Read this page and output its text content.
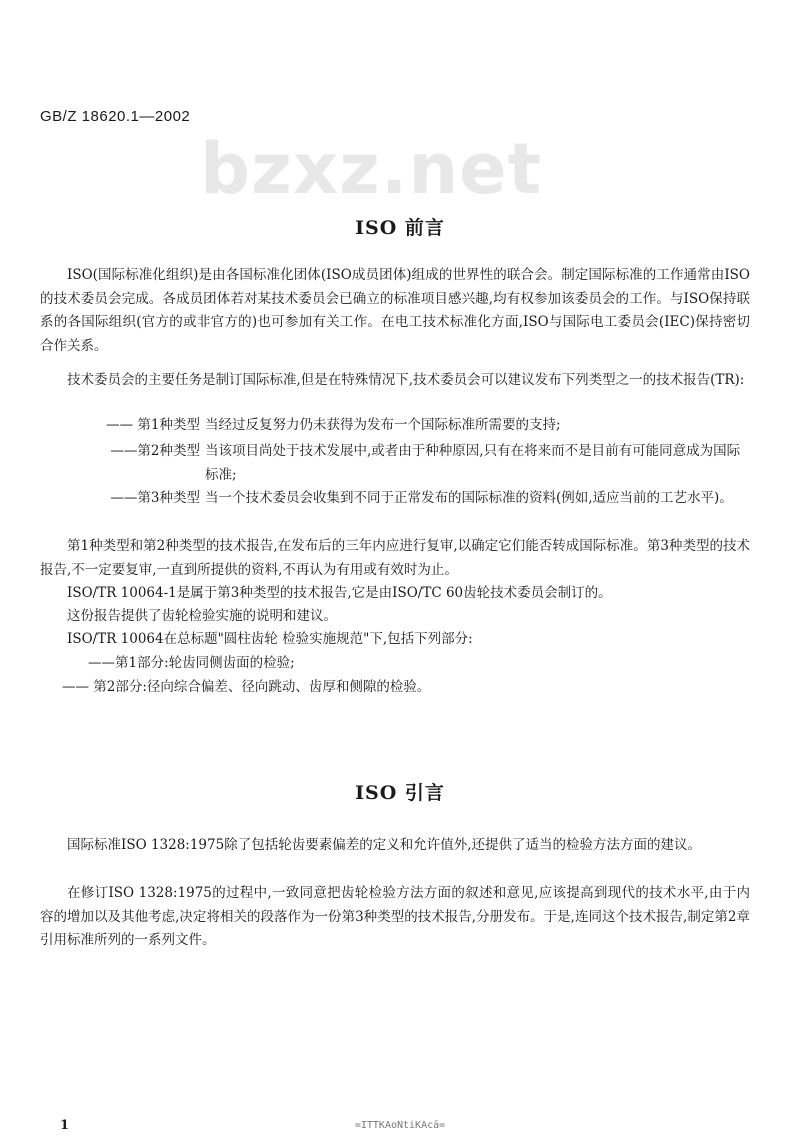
GB/Z 18620.1—2002
bzxz.net
ISO 前言
ISO(国际标准化组织)是由各国标准化团体(ISO成员团体)组成的世界性的联合会。制定国际标准的工作通常由ISO的技术委员会完成。各成员团体若对某技术委员会已确立的标准项目感兴趣,均有权参加该委员会的工作。与ISO保持联系的各国际组织(官方的或非官方的)也可参加有关工作。在电工技术标准化方面,ISO与国际电工委员会(IEC)保持密切合作关系。
技术委员会的主要任务是制订国际标准,但是在特殊情况下,技术委员会可以建议发布下列类型之一的技术报告(TR):
—— 第1种类型 当经过反复努力仍未获得为发布一个国际标准所需要的支持;
——第2种类型 当该项目尚处于技术发展中,或者由于种种原因,只有在将来而不是目前有可能同意成为国际标准;
——第3种类型 当一个技术委员会收集到不同于正常发布的国际标准的资料(例如,适应当前的工艺水平)。
第1种类型和第2种类型的技术报告,在发布后的三年内应进行复审,以确定它们能否转成国际标准。第3种类型的技术报告,不一定要复审,一直到所提供的资料,不再认为有用或有效时为止。
ISO/TR 10064-1是属于第3种类型的技术报告,它是由ISO/TC 60齿轮技术委员会制订的。
这份报告提供了齿轮检验实施的说明和建议。
ISO/TR 10064在总标题"圆柱齿轮 检验实施规范"下,包括下列部分:
——第1部分:轮齿同侧齿面的检验;
—— 第2部分:径向综合偏差、径向跳动、齿厚和侧隙的检验。
ISO 引言
国际标准ISO 1328:1975除了包括轮齿要素偏差的定义和允许值外,还提供了适当的检验方法方面的建议。
在修订ISO 1328:1975的过程中,一致同意把齿轮检验方法方面的叙述和意见,应该提高到现代的技术水平,由于内容的增加以及其他考虑,决定将相关的段落作为一份第3种类型的技术报告,分册发布。于是,连同这个技术报告,制定第2章引用标准所列的一系列文件。
1	=ITTKAoNtiKAcā=
